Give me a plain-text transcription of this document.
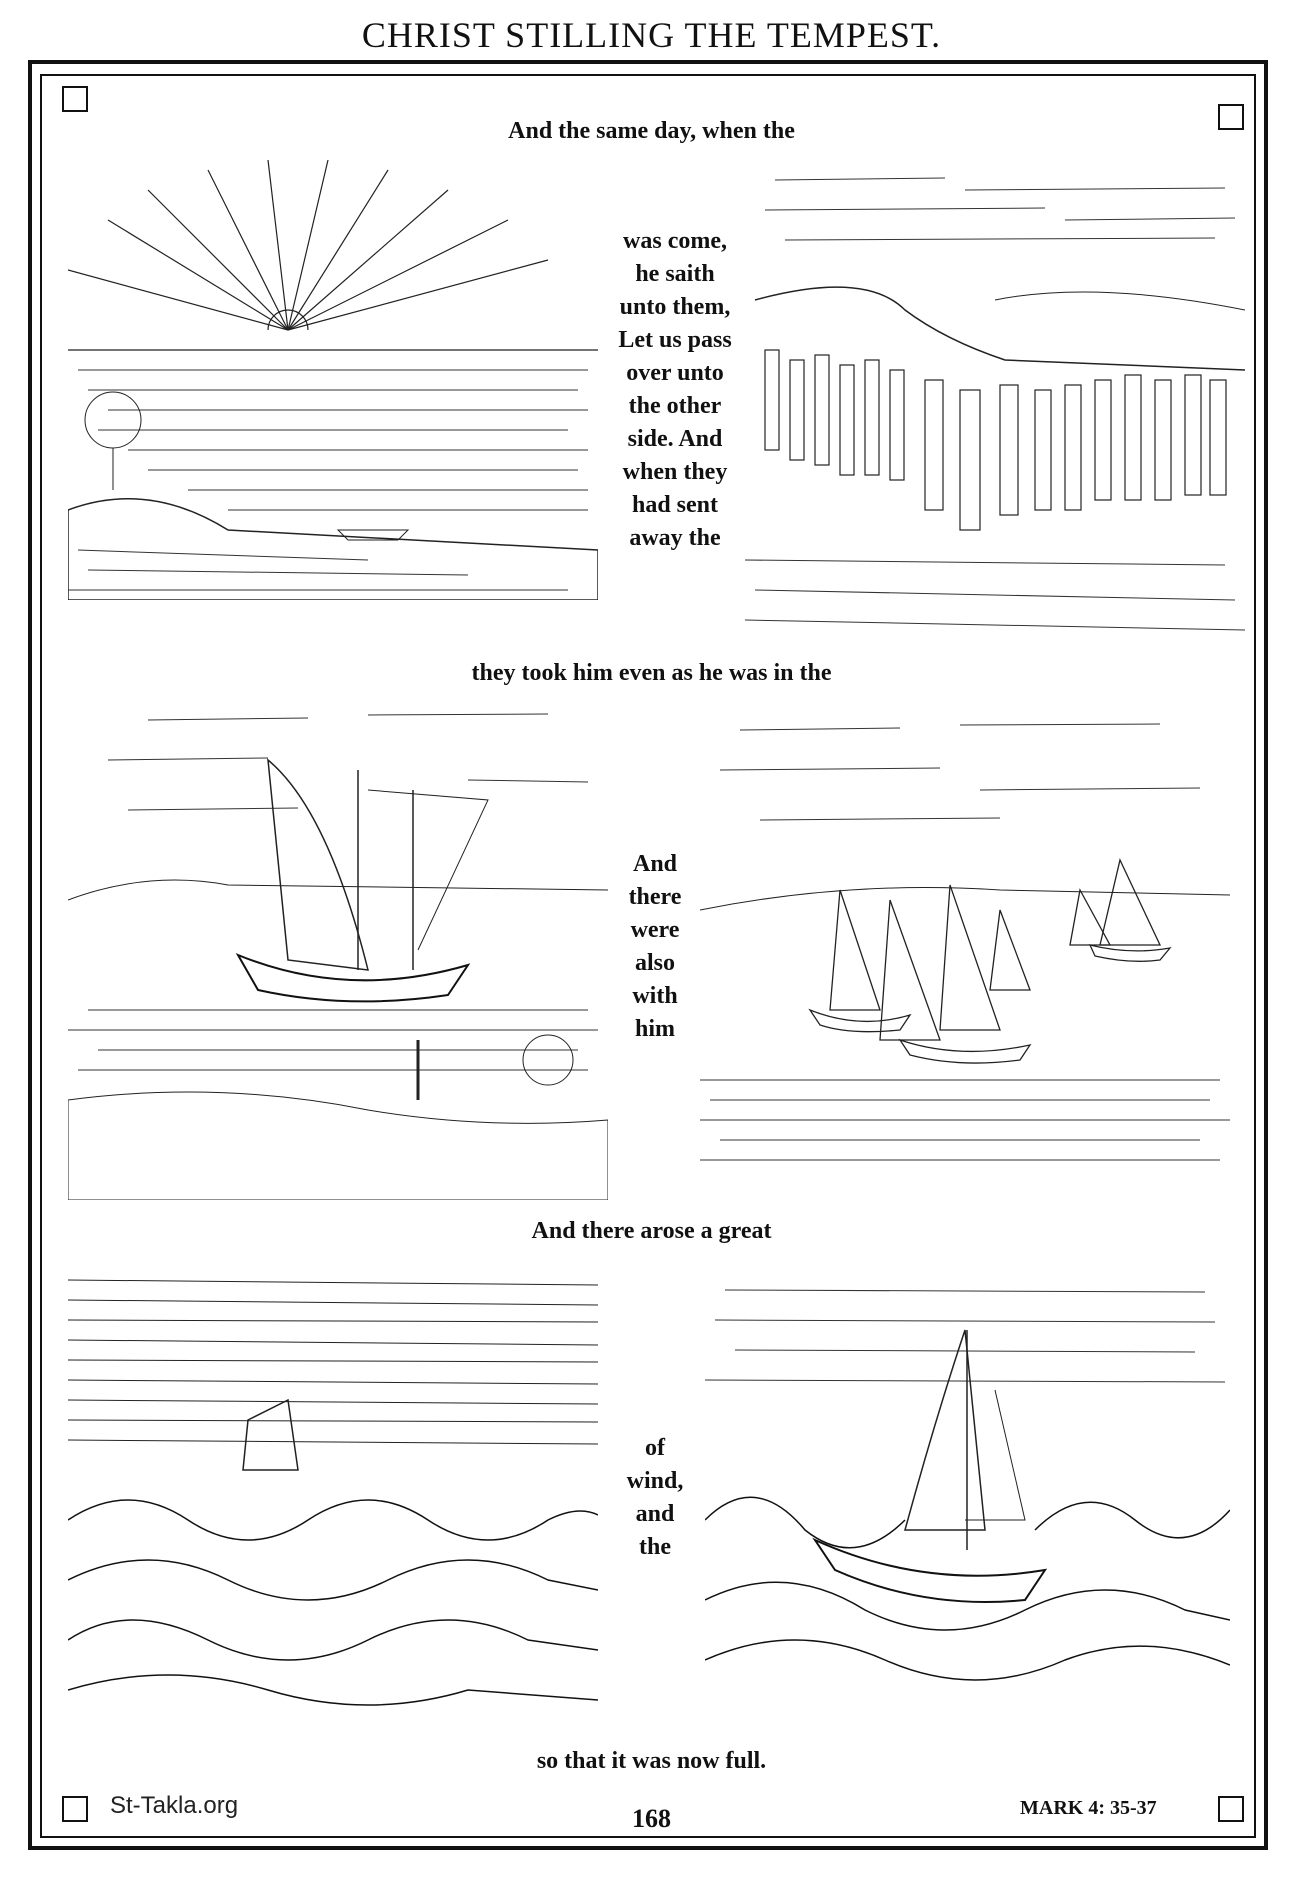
CHRIST STILLING THE TEMPEST.
And the same day, when the
was come,
he saith
unto them,
Let us pass
over unto
the other
side. And
when they
had sent
away the
they took him even as he was in the
And
there
were
also
with
him
And there arose a great
of
wind,
and
the
so that it was now full.
St-Takla.org	168	MARK 4: 35-37
